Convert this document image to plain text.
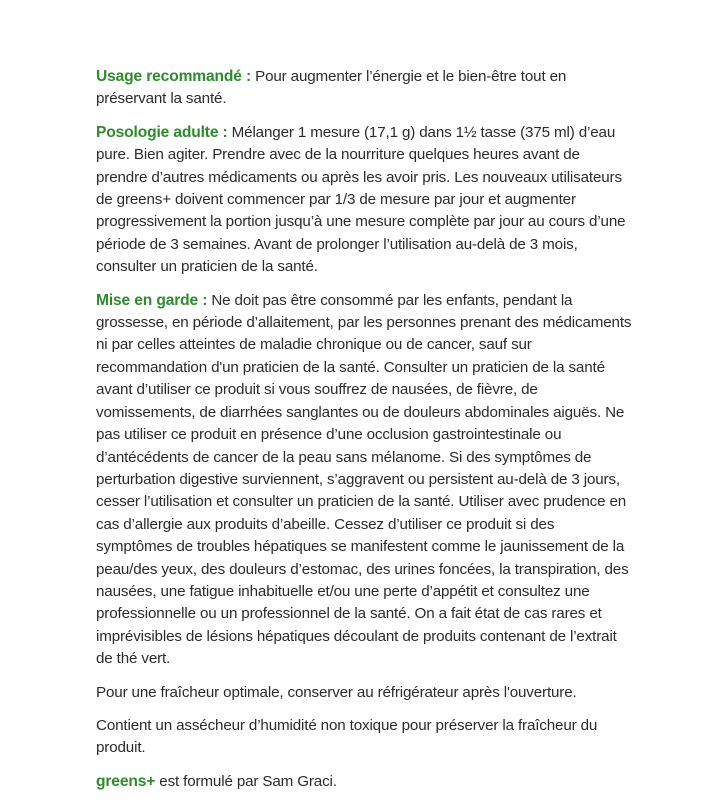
Usage recommandé : Pour augmenter l’énergie et le bien-être tout en préservant la santé.

Posologie adulte : Mélanger 1 mesure (17,1 g) dans 1½ tasse (375 ml) d’eau pure. Bien agiter. Prendre avec de la nourriture quelques heures avant de prendre d’autres médicaments ou après les avoir pris. Les nouveaux utilisateurs de greens+ doivent commencer par 1/3 de mesure par jour et augmenter progressivement la portion jusqu’à une mesure complète par jour au cours d’une période de 3 semaines. Avant de prolonger l’utilisation au-delà de 3 mois, consulter un praticien de la santé.

Mise en garde : Ne doit pas être consommé par les enfants, pendant la grossesse, en période d’allaitement, par les personnes prenant des médicaments ni par celles atteintes de maladie chronique ou de cancer, sauf sur recommandation d'un praticien de la santé. Consulter un praticien de la santé avant d’utiliser ce produit si vous souffrez de nausées, de fièvre, de vomissements, de diarrhées sanglantes ou de douleurs abdominales aiguës. Ne pas utiliser ce produit en présence d’une occlusion gastrointestinale ou d’antécédents de cancer de la peau sans mélanome. Si des symptômes de perturbation digestive surviennent, s’aggravent ou persistent au-delà de 3 jours, cesser l’utilisation et consulter un praticien de la santé. Utiliser avec prudence en cas d’allergie aux produits d’abeille. Cessez d’utiliser ce produit si des symptômes de troubles hépatiques se manifestent comme le jaunissement de la peau/des yeux, des douleurs d’estomac, des urines foncées, la transpiration, des nausées, une fatigue inhabituelle et/ou une perte d’appétit et consultez une professionnelle ou un professionnel de la santé. On a fait état de cas rares et imprévisibles de lésions hépatiques découlant de produits contenant de l’extrait de thé vert.

Pour une fraîcheur optimale, conserver au réfrigérateur après l'ouverture.

Contient un assécheur d’humidité non toxique pour préserver la fraîcheur du produit.

greens+ est formulé par Sam Graci.
